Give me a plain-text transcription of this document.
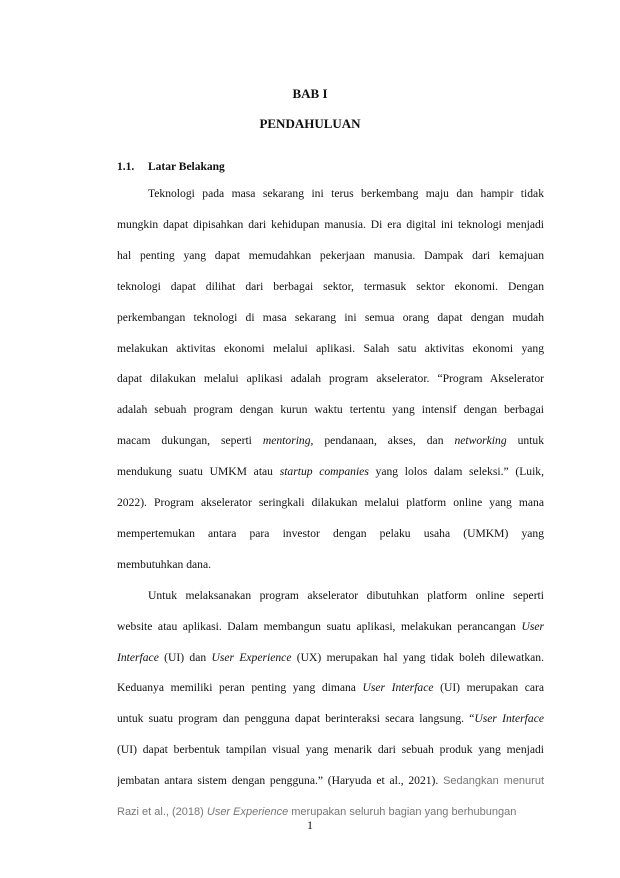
BAB I
PENDAHULUAN
1.1. Latar Belakang
Teknologi pada masa sekarang ini terus berkembang maju dan hampir tidak
mungkin dapat dipisahkan dari kehidupan manusia. Di era digital ini teknologi menjadi
hal penting yang dapat memudahkan pekerjaan manusia. Dampak dari kemajuan
teknologi dapat dilihat dari berbagai sektor, termasuk sektor ekonomi. Dengan
perkembangan teknologi di masa sekarang ini semua orang dapat dengan mudah
melakukan aktivitas ekonomi melalui aplikasi. Salah satu aktivitas ekonomi yang
dapat dilakukan melalui aplikasi adalah program akselerator. “Program Akselerator
adalah sebuah program dengan kurun waktu tertentu yang intensif dengan berbagai
macam dukungan, seperti mentoring, pendanaan, akses, dan networking untuk
mendukung suatu UMKM atau startup companies yang lolos dalam seleksi.” (Luik,
2022). Program akselerator seringkali dilakukan melalui platform online yang mana
mempertemukan antara para investor dengan pelaku usaha (UMKM) yang
membutuhkan dana.
Untuk melaksanakan program akselerator dibutuhkan platform online seperti
website atau aplikasi. Dalam membangun suatu aplikasi, melakukan perancangan User
Interface (UI) dan User Experience (UX) merupakan hal yang tidak boleh dilewatkan.
Keduanya memiliki peran penting yang dimana User Interface (UI) merupakan cara
untuk suatu program dan pengguna dapat berinteraksi secara langsung. “User Interface
(UI) dapat berbentuk tampilan visual yang menarik dari sebuah produk yang menjadi
jembatan antara sistem dengan pengguna.” (Haryuda et al., 2021). Sedangkan menurut
Razi et al., (2018) User Experience merupakan seluruh bagian yang berhubungan
1
